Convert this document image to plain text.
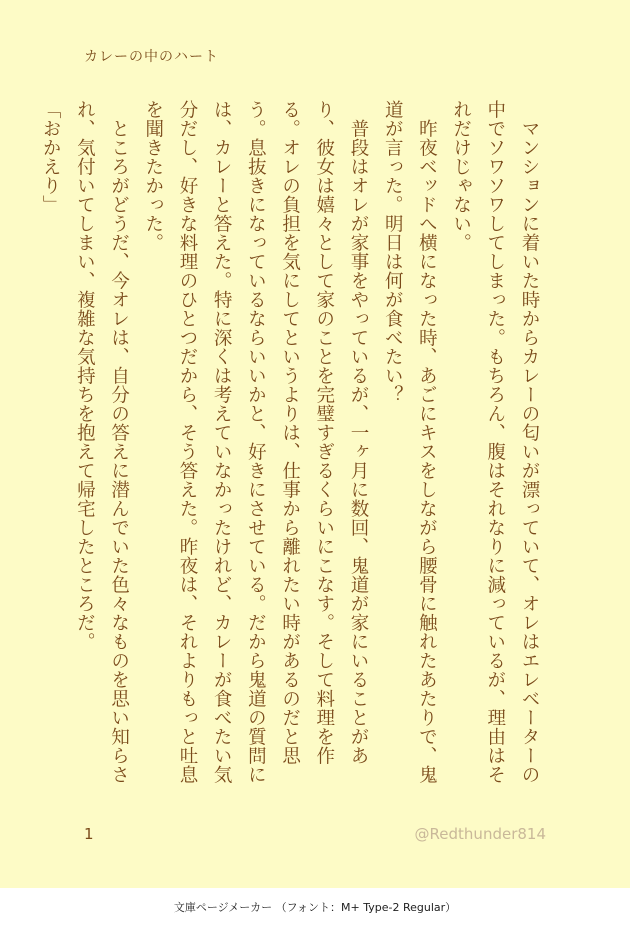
カレーの中のハート

　マンションに着いた時からカレーの匂いが漂っていて、オレはエレベーターの中でソワソワしてしまった。もちろん、腹はそれなりに減っているが、理由はそれだけじゃない。

　昨夜ベッドへ横になった時、あごにキスをしながら腰骨に触れたあたりで、鬼道が言った。明日は何が食べたい？

　普段はオレが家事をやっているが、一ヶ月に数回、鬼道が家にいることがあり、彼女は嬉々として家のことを完璧すぎるくらいにこなす。そして料理を作る。オレの負担を気にしてというよりは、仕事から離れたい時があるのだと思う。息抜きになっているならいいかと、好きにさせている。だから鬼道の質問には、カレーと答えた。特に深くは考えていなかったけれど、カレーが食べたい気分だし、好きな料理のひとつだから、そう答えた。昨夜は、それよりもっと吐息を聞きたかった。

　ところがどうだ、今オレは、自分の答えに潜んでいた色々なものを思い知らされ、気付いてしまい、複雑な気持ちを抱えて帰宅したところだ。

「おかえり」

1	@Redthunder814
文庫ページメーカー （フォント：M+ Type-2 Regular）
